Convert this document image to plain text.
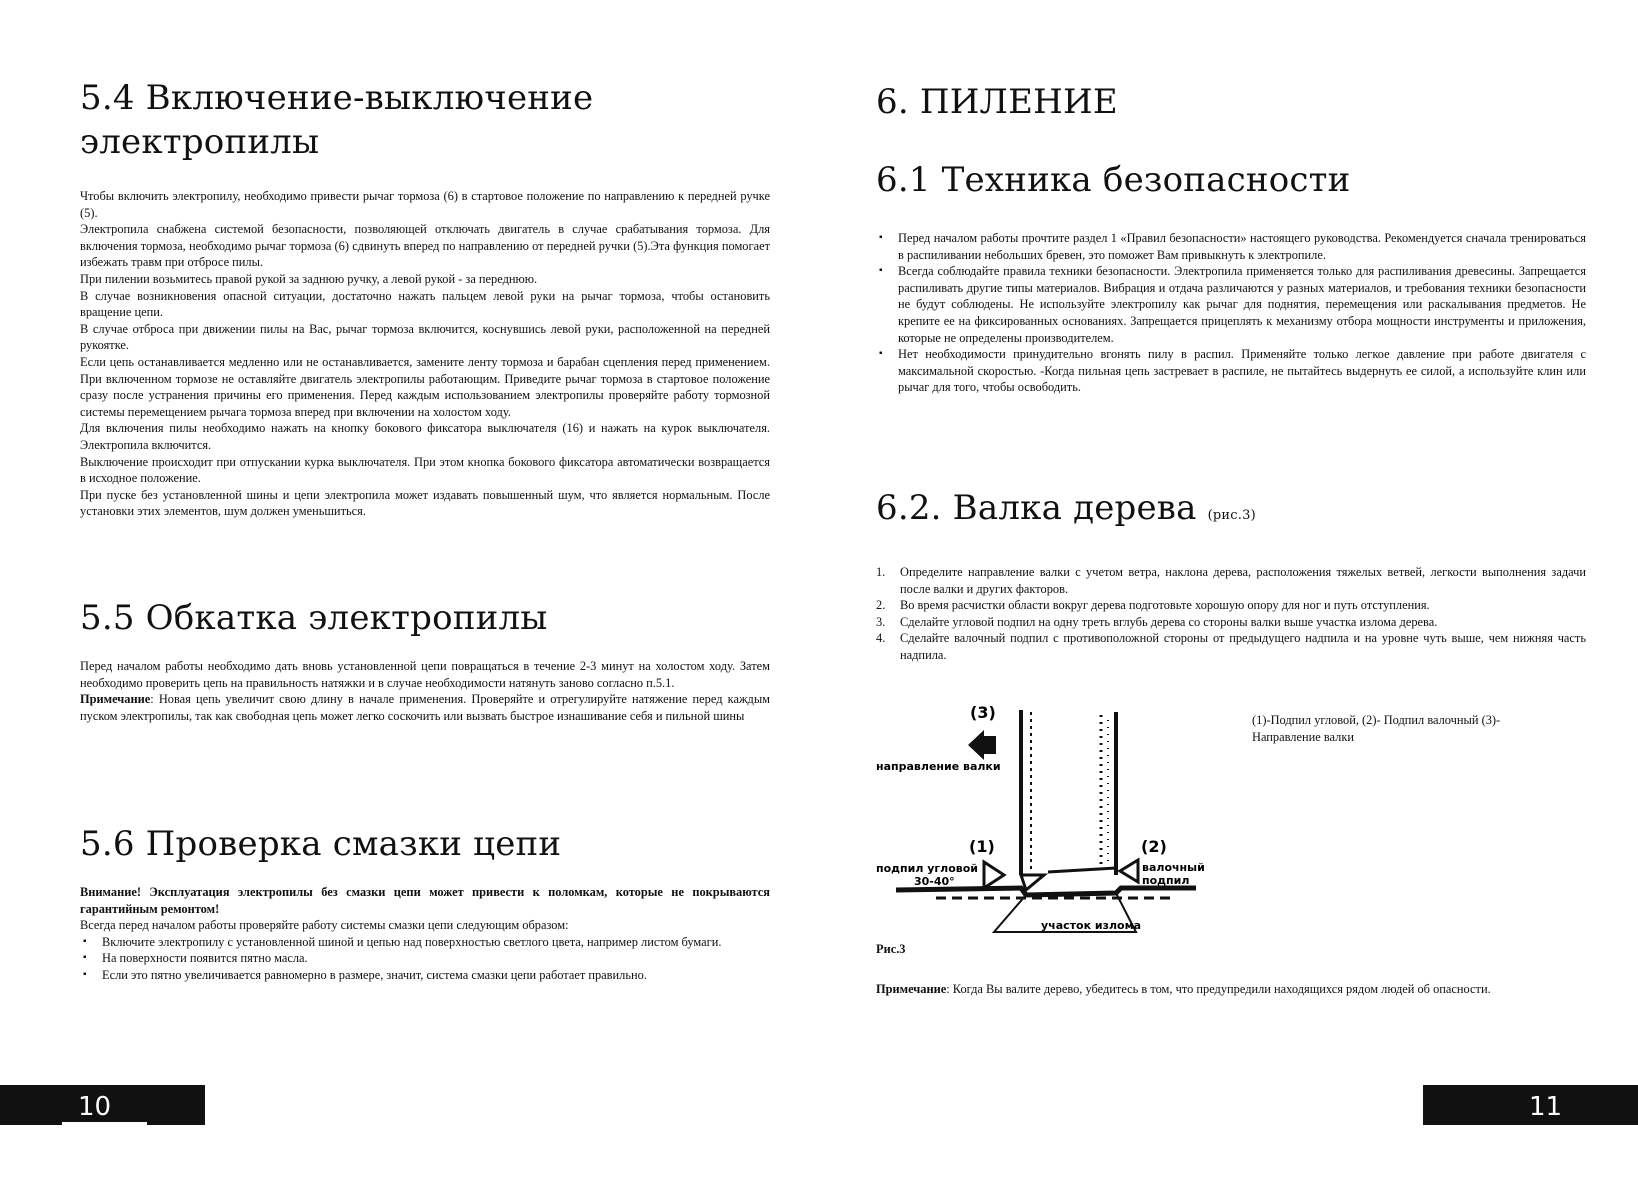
5.4 Включение-выключение
электропилы

Чтобы включить электропилу, необходимо привести рычаг тормоза (6) в стартовое положение по направлению к передней ручке (5).

Электропила снабжена системой безопасности, позволяющей отключать двигатель в случае срабатывания тормоза. Для включения тормоза, необходимо рычаг тормоза (6) сдвинуть вперед по направлению от передней ручки (5).Эта функция помогает избежать травм при отбросе пилы.

При пилении возьмитесь правой рукой за заднюю ручку, а левой рукой - за переднюю.

В случае возникновения опасной ситуации, достаточно нажать пальцем левой руки на рычаг тормоза, чтобы остановить вращение цепи.

В случае отброса при движении пилы на Вас, рычаг тормоза включится, коснувшись левой руки, расположенной на передней рукоятке.

Если цепь останавливается медленно или не останавливается, замените ленту тормоза и барабан сцепления перед применением. При включенном тормозе не оставляйте двигатель электропилы работающим. Приведите рычаг тормоза в стартовое положение сразу после устранения причины его применения. Перед каждым использованием электропилы проверяйте работу тормозной системы перемещением рычага тормоза вперед при включении на холостом ходу.

Для включения пилы необходимо нажать на кнопку бокового фиксатора выключателя (16) и нажать на курок выключателя. Электропила включится.

Выключение происходит при отпускании курка выключателя. При этом кнопка бокового фиксатора автоматически возвращается в исходное положение.

При пуске без установленной шины и цепи электропила может издавать повышенный шум, что является нормальным. После установки этих элементов, шум должен уменьшиться.

5.5 Обкатка электропилы

Перед началом работы необходимо дать вновь установленной цепи повращаться в течение 2-3 минут на холостом ходу. Затем необходимо проверить цепь на правильность натяжки и в случае необходимости натянуть заново согласно п.5.1.

Примечание: Новая цепь увеличит свою длину в начале применения. Проверяйте и отрегулируйте натяжение перед каждым пуском электропилы, так как свободная цепь может легко соскочить или вызвать быстрое изнашивание себя и пильной шины

5.6 Проверка смазки цепи

Внимание! Эксплуатация электропилы без смазки цепи может привести к поломкам, которые не покрываются гарантийным ремонтом!

Всегда перед началом работы проверяйте работу системы смазки цепи следующим образом:

▪ Включите электропилу с установленной шиной и цепью над поверхностью светлого цвета, например листом бумаги.
▪ На поверхности появится пятно масла.
▪ Если это пятно увеличивается равномерно в размере, значит, система смазки цепи работает правильно.
10
6. ПИЛЕНИЕ
6.1 Техника безопасности
▪ Перед началом работы прочтите раздел 1 «Правил безопасности» настоящего руководства. Рекомендуется сначала тренироваться в распиливании небольших бревен, это поможет Вам привыкнуть к электропиле.
▪ Всегда соблюдайте правила техники безопасности. Электропила применяется только для распиливания древесины. Запрещается распиливать другие типы материалов. Вибрация и отдача различаются у разных материалов, и требования техники безопасности не будут соблюдены. Не используйте электропилу как рычаг для поднятия, перемещения или раскалывания предметов. Не крепите ее на фиксированных основаниях. Запрещается прицеплять к механизму отбора мощности инструменты и приложения, которые не определены производителем.
▪ Нет необходимости принудительно вгонять пилу в распил. Применяйте только легкое давление при работе двигателя с максимальной скоростью. -Когда пильная цепь застревает в распиле, не пытайтесь выдернуть ее силой, а используйте клин или рычаг для того, чтобы освободить.
6.2. Валка дерева (рис.3)
1. Определите направление валки с учетом ветра, наклона дерева, расположения тяжелых ветвей, легкости выполнения задачи после валки и других факторов.
2. Во время расчистки области вокруг дерева подготовьте хорошую опору для ног и путь отступления.
3. Сделайте угловой подпил на одну треть вглубь дерева со стороны валки выше участка излома дерева.
4. Сделайте валочный подпил с противоположной стороны от предыдущего надпила и на уровне чуть выше, чем нижняя часть надпила.
участок излома
(3)
направление валки
(1)
подпил угловой
30-40°
(2)
валочный
подпил
(1)-Подпил угловой, (2)- Подпил валочный (3)- Направление валки
Рис.3

Примечание: Когда Вы валите дерево, убедитесь в том, что предупредили находящихся рядом людей об опасности.

11
